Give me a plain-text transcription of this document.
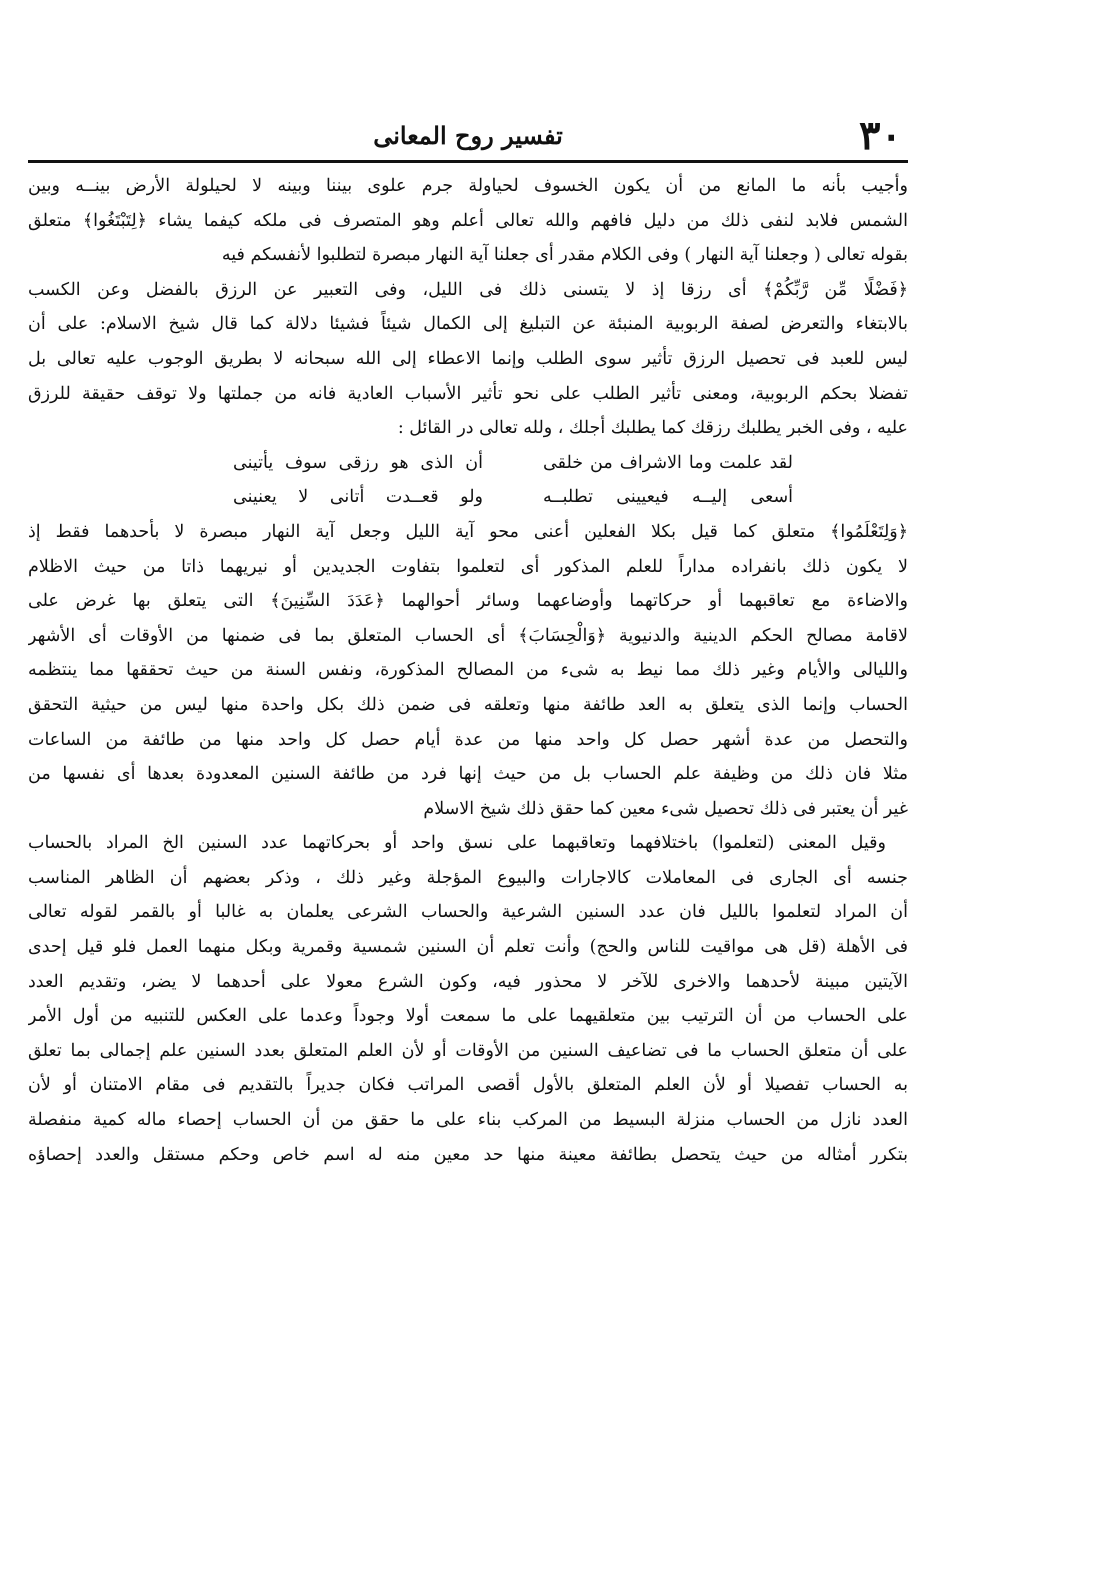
٣٠
تفسير روح المعانى
وأجيب بأنه ما المانع من أن يكون الخسوف لحياولة جرم علوى بيننا وبينه لا لحيلولة الأرض بينــه وبين
الشمس فلابد لنفى ذلك من دليل فافهم والله تعالى أعلم وهو المتصرف فى ملكه كيفما يشاء ﴿لِتَبْتَغُوا﴾ متعلق
بقوله تعالى ( وجعلنا آية النهار ) وفى الكلام مقدر أى جعلنا آية النهار مبصرة لتطلبوا لأنفسكم فيه
﴿فَضْلًا مِّن رَّبِّكُمْ﴾ أى رزقا إذ لا يتسنى ذلك فى الليل، وفى التعبير عن الرزق بالفضل وعن الكسب
بالابتغاء والتعرض لصفة الربوبية المنبئة عن التبليغ إلى الكمال شيئاً فشيئا دلالة كما قال شيخ الاسلام: على أن
ليس للعبد فى تحصيل الرزق تأثير سوى الطلب وإنما الاعطاء إلى الله سبحانه لا بطريق الوجوب عليه تعالى بل
تفضلا بحكم الربوبية، ومعنى تأثير الطلب على نحو تأثير الأسباب العادية فانه من جملتها ولا توقف حقيقة للرزق
عليه ، وفى الخبر يطلبك رزقك كما يطلبك أجلك ، ولله تعالى در القائل :
لقد علمت وما الاشراف من خلقى
أن الذى هو رزقى سوف يأتينى
أسعى إليــه فيعيينى تطلبــه
ولو قعــدت أتانى لا يعنينى
﴿وَلِتَعْلَمُوا﴾ متعلق كما قيل بكلا الفعلين أعنى محو آية الليل وجعل آية النهار مبصرة لا بأحدهما فقط إذ
لا يكون ذلك بانفراده مداراً للعلم المذكور أى لتعلموا بتفاوت الجديدين أو نيريهما ذاتا من حيث الاظلام
والاضاءة مع تعاقبهما أو حركاتهما وأوضاعهما وسائر أحوالهما ﴿عَدَدَ السِّنِينَ﴾ التى يتعلق بها غرض على
لاقامة مصالح الحكم الدينية والدنيوية ﴿وَالْحِسَابَ﴾ أى الحساب المتعلق بما فى ضمنها من الأوقات أى الأشهر
والليالى والأيام وغير ذلك مما نيط به شىء من المصالح المذكورة، ونفس السنة من حيث تحققها مما ينتظمه
الحساب وإنما الذى يتعلق به العد طائفة منها وتعلقه فى ضمن ذلك بكل واحدة منها ليس من حيثية التحقق
والتحصل من عدة أشهر حصل كل واحد منها من عدة أيام حصل كل واحد منها من طائفة من الساعات
مثلا فان ذلك من وظيفة علم الحساب بل من حيث إنها فرد من طائفة السنين المعدودة بعدها أى نفسها من
غير أن يعتبر فى ذلك تحصيل شىء معين كما حقق ذلك شيخ الاسلام
وقيل المعنى (لتعلموا) باختلافهما وتعاقبهما على نسق واحد أو بحركاتهما عدد السنين الخ المراد بالحساب
جنسه أى الجارى فى المعاملات كالاجارات والبيوع المؤجلة وغير ذلك ، وذكر بعضهم أن الظاهر المناسب
أن المراد لتعلموا بالليل فان عدد السنين الشرعية والحساب الشرعى يعلمان به غالبا أو بالقمر لقوله تعالى
فى الأهلة (قل هى مواقيت للناس والحج) وأنت تعلم أن السنين شمسية وقمرية وبكل منهما العمل فلو قيل إحدى
الآيتين مبينة لأحدهما والاخرى للآخر لا محذور فيه، وكون الشرع معولا على أحدهما لا يضر، وتقديم العدد
على الحساب من أن الترتيب بين متعلقيهما على ما سمعت أولا وجوداً وعدما على العكس للتنبيه من أول الأمر
على أن متعلق الحساب ما فى تضاعيف السنين من الأوقات أو لأن العلم المتعلق بعدد السنين علم إجمالى بما تعلق
به الحساب تفصيلا أو لأن العلم المتعلق بالأول أقصى المراتب فكان جديراً بالتقديم فى مقام الامتنان أو لأن
العدد نازل من الحساب منزلة البسيط من المركب بناء على ما حقق من أن الحساب إحصاء ماله كمية منفصلة
بتكرر أمثاله من حيث يتحصل بطائفة معينة منها حد معين منه له اسم خاص وحكم مستقل والعدد إحصاؤه
